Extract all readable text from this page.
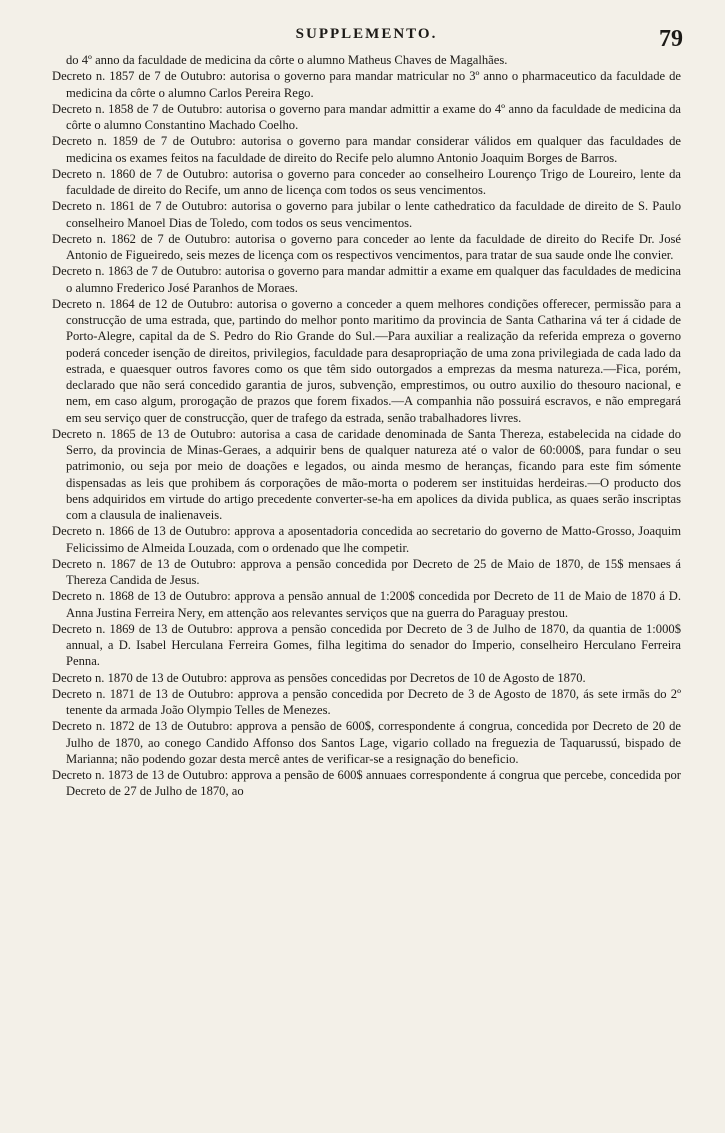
SUPPLEMENTO.	79

do 4º anno da faculdade de medicina da côrte o alumno Matheus Chaves de Magalhães.

Decreto n. 1857 de 7 de Outubro: autorisa o governo para mandar matricular no 3º anno o pharmaceutico da faculdade de medicina da côrte o alumno Carlos Pereira Rego.

Decreto n. 1858 de 7 de Outubro: autorisa o governo para mandar admittir a exame do 4º anno da faculdade de medicina da côrte o alumno Constantino Machado Coelho.

Decreto n. 1859 de 7 de Outubro: autorisa o governo para mandar considerar válidos em qualquer das faculdades de medicina os exames feitos na faculdade de direito do Recife pelo alumno Antonio Joaquim Borges de Barros.

Decreto n. 1860 de 7 de Outubro: autorisa o governo para conceder ao conselheiro Lourenço Trigo de Loureiro, lente da faculdade de direito do Recife, um anno de licença com todos os seus vencimentos.

Decreto n. 1861 de 7 de Outubro: autorisa o governo para jubilar o lente cathedratico da faculdade de direito de S. Paulo conselheiro Manoel Dias de Toledo, com todos os seus vencimentos.

Decreto n. 1862 de 7 de Outubro: autorisa o governo para conceder ao lente da faculdade de direito do Recife Dr. José Antonio de Figueiredo, seis mezes de licença com os respectivos vencimentos, para tratar de sua saude onde lhe convier.

Decreto n. 1863 de 7 de Outubro: autorisa o governo para mandar admittir a exame em qualquer das faculdades de medicina o alumno Frederico José Paranhos de Moraes.

Decreto n. 1864 de 12 de Outubro: autorisa o governo a conceder a quem melhores condições offerecer, permissão para a construcção de uma estrada, que, partindo do melhor ponto maritimo da provincia de Santa Catharina vá ter á cidade de Porto-Alegre, capital da de S. Pedro do Rio Grande do Sul.—Para auxiliar a realização da referida empreza o governo poderá conceder isenção de direitos, privilegios, faculdade para desapropriação de uma zona privilegiada de cada lado da estrada, e quaesquer outros favores como os que têm sido outorgados a emprezas da mesma natureza.—Fica, porém, declarado que não será concedido garantia de juros, subvenção, emprestimos, ou outro auxilio do thesouro nacional, e nem, em caso algum, prorogação de prazos que forem fixados.—A companhia não possuirá escravos, e não empregará em seu serviço quer de construcção, quer de trafego da estrada, senão trabalhadores livres.

Decreto n. 1865 de 13 de Outubro: autorisa a casa de caridade denominada de Santa Thereza, estabelecida na cidade do Serro, da provincia de Minas-Geraes, a adquirir bens de qualquer natureza até o valor de 60:000$, para fundar o seu patrimonio, ou seja por meio de doações e legados, ou ainda mesmo de heranças, ficando para este fim sómente dispensadas as leis que prohibem ás corporações de mão-morta o poderem ser instituidas herdeiras.—O producto dos bens adquiridos em virtude do artigo precedente converter-se-ha em apolices da divida publica, as quaes serão inscriptas com a clausula de inalienaveis.

Decreto n. 1866 de 13 de Outubro: approva a aposentadoria concedida ao secretario do governo de Matto-Grosso, Joaquim Felicissimo de Almeida Louzada, com o ordenado que lhe competir.

Decreto n. 1867 de 13 de Outubro: approva a pensão concedida por Decreto de 25 de Maio de 1870, de 15$ mensaes á Thereza Candida de Jesus.

Decreto n. 1868 de 13 de Outubro: approva a pensão annual de 1:200$ concedida por Decreto de 11 de Maio de 1870 á D. Anna Justina Ferreira Nery, em attenção aos relevantes serviços que na guerra do Paraguay prestou.

Decreto n. 1869 de 13 de Outubro: approva a pensão concedida por Decreto de 3 de Julho de 1870, da quantia de 1:000$ annual, a D. Isabel Herculana Ferreira Gomes, filha legitima do senador do Imperio, conselheiro Herculano Ferreira Penna.

Decreto n. 1870 de 13 de Outubro: approva as pensões concedidas por Decretos de 10 de Agosto de 1870.

Decreto n. 1871 de 13 de Outubro: approva a pensão concedida por Decreto de 3 de Agosto de 1870, ás sete irmãs do 2º tenente da armada João Olympio Telles de Menezes.

Decreto n. 1872 de 13 de Outubro: approva a pensão de 600$, correspondente á congrua, concedida por Decreto de 20 de Julho de 1870, ao conego Candido Affonso dos Santos Lage, vigario collado na freguezia de Taquarussú, bispado de Marianna; não podendo gozar desta mercê antes de verificar-se a resignação do beneficio.

Decreto n. 1873 de 13 de Outubro: approva a pensão de 600$ annuaes correspondente á congrua que percebe, concedida por Decreto de 27 de Julho de 1870, ao
